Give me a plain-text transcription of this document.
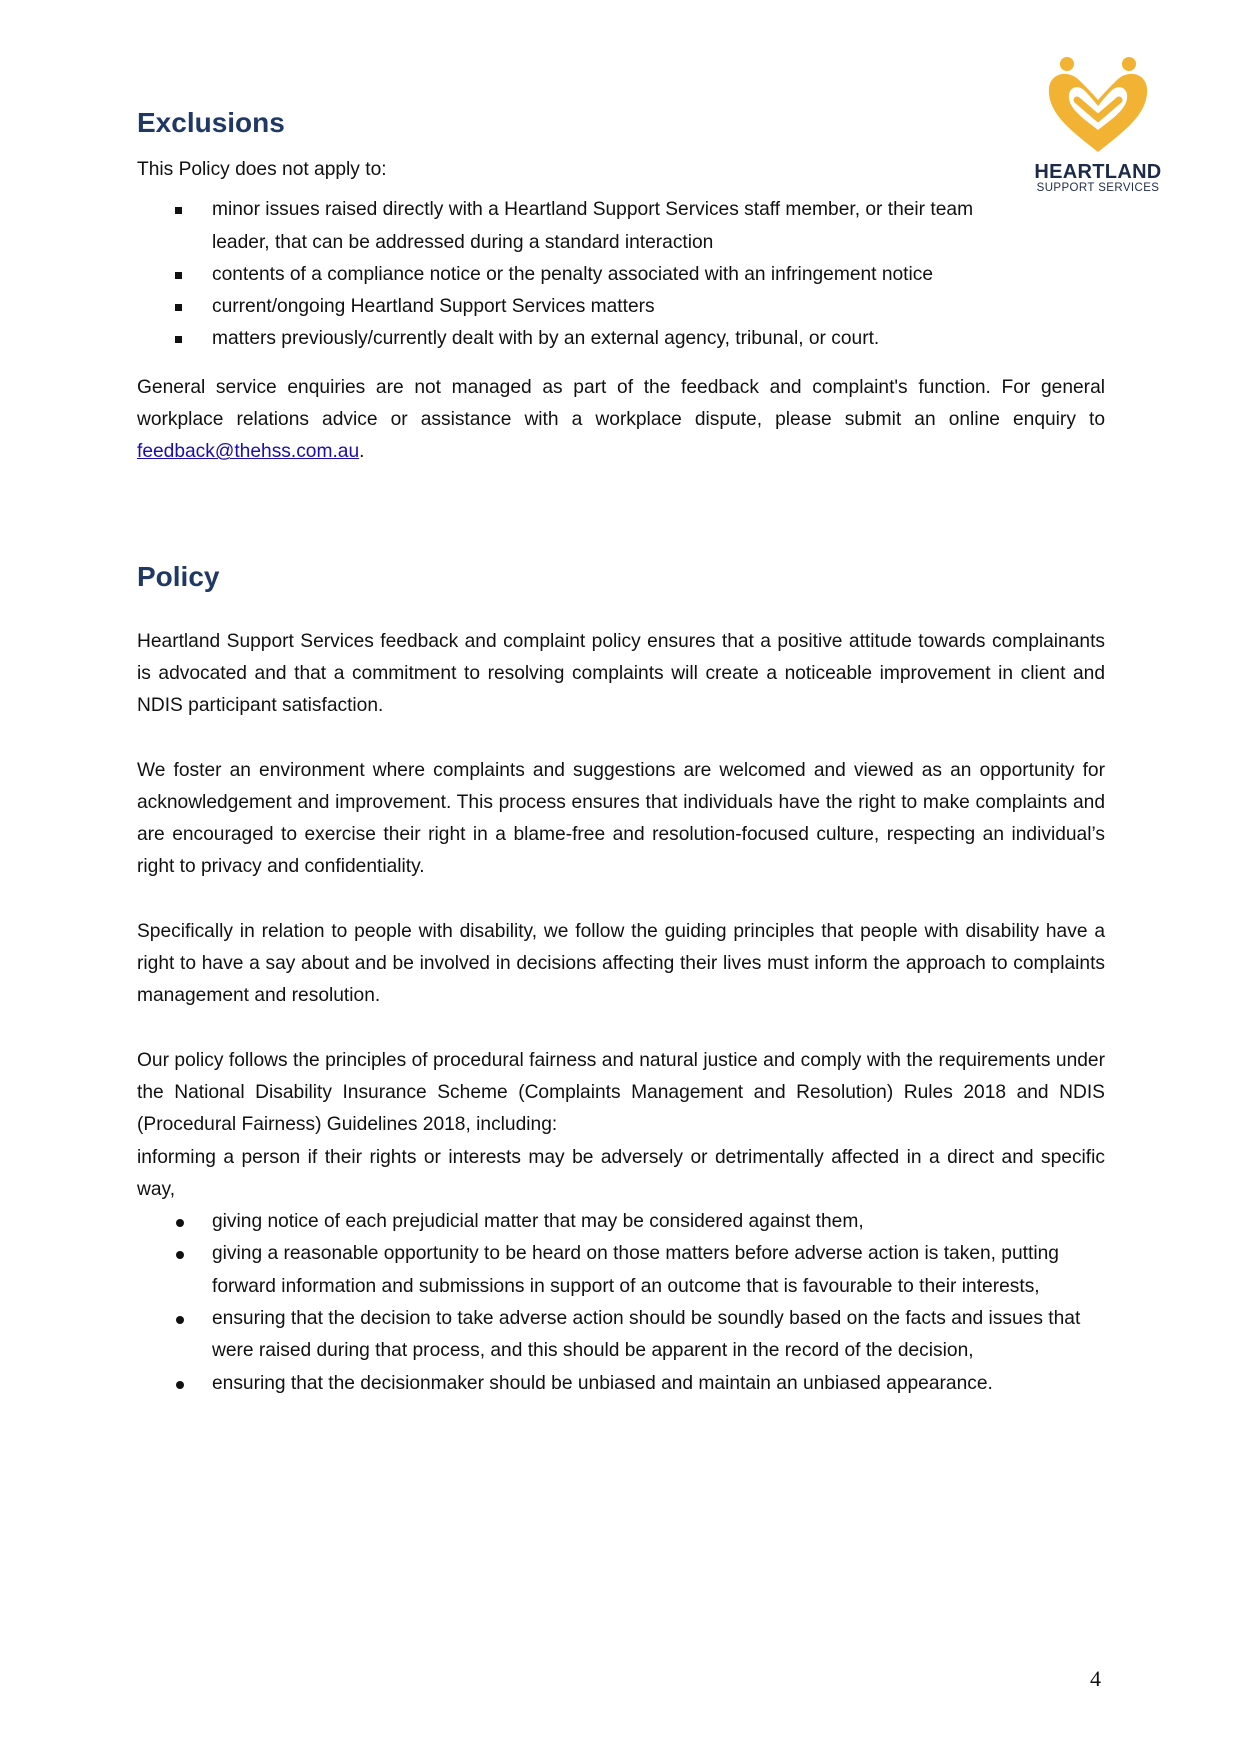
HEARTLAND
SUPPORT SERVICES
Exclusions

This Policy does not apply to:

minor issues raised directly with a Heartland Support Services staff member, or their team leader, that can be addressed during a standard interaction
contents of a compliance notice or the penalty associated with an infringement notice
current/ongoing Heartland Support Services matters
matters previously/currently dealt with by an external agency, tribunal, or court.

General service enquiries are not managed as part of the feedback and complaint's function. For general workplace relations advice or assistance with a workplace dispute, please submit an online enquiry to feedback@thehss.com.au.

Policy

Heartland Support Services feedback and complaint policy ensures that a positive attitude towards complainants is advocated and that a commitment to resolving complaints will create a noticeable improvement in client and NDIS participant satisfaction.

We foster an environment where complaints and suggestions are welcomed and viewed as an opportunity for acknowledgement and improvement. This process ensures that individuals have the right to make complaints and are encouraged to exercise their right in a blame-free and resolution-focused culture, respecting an individual’s right to privacy and confidentiality.

Specifically in relation to people with disability, we follow the guiding principles that people with disability have a right to have a say about and be involved in decisions affecting their lives must inform the approach to complaints management and resolution.

Our policy follows the principles of procedural fairness and natural justice and comply with the requirements under the National Disability Insurance Scheme (Complaints Management and Resolution) Rules 2018 and NDIS (Procedural Fairness) Guidelines 2018, including:

informing a person if their rights or interests may be adversely or detrimentally affected in a direct and specific way,

giving notice of each prejudicial matter that may be considered against them,
giving a reasonable opportunity to be heard on those matters before adverse action is taken, putting forward information and submissions in support of an outcome that is favourable to their interests,
ensuring that the decision to take adverse action should be soundly based on the facts and issues that were raised during that process, and this should be apparent in the record of the decision,
ensuring that the decisionmaker should be unbiased and maintain an unbiased appearance.
4
